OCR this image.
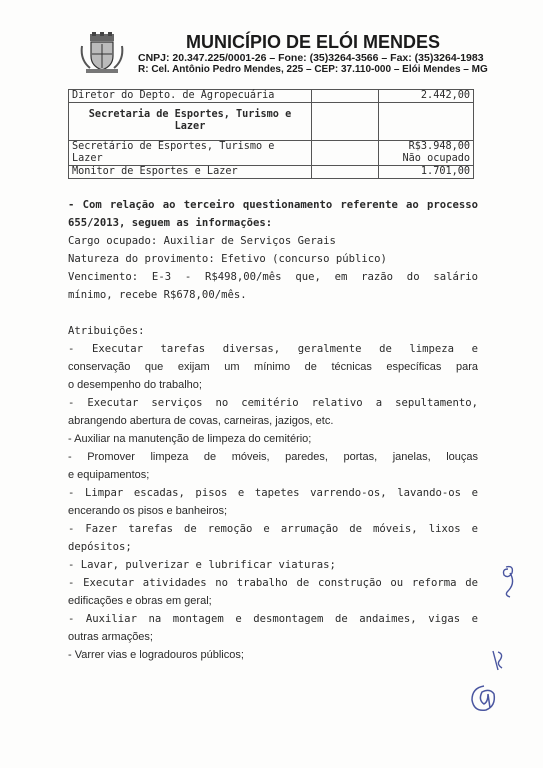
MUNICÍPIO DE ELÓI MENDES
CNPJ: 20.347.225/0001-26 – Fone: (35)3264-3566 – Fax: (35)3264-1983
R: Cel. Antônio Pedro Mendes, 225 – CEP: 37.110-000 – Elói Mendes – MG
Diretor do Depto. de Agropecuária		2.442,00
Secretaria de Esportes, Turismo e Lazer		
Secretário de Esportes, Turismo e Lazer		R$3.948,00
Não ocupado

Monitor de Esportes e Lazer		1.701,00

- Com relação ao terceiro questionamento referente ao processo

655/2013, seguem as informações:

Cargo ocupado: Auxiliar de Serviços Gerais

Natureza do provimento: Efetivo (concurso público)

Vencimento: E-3 - R$498,00/mês que, em razão do salário

mínimo, recebe R$678,00/mês.

Atribuições:

- Executar tarefas diversas, geralmente de limpeza e

conservação que exijam um mínimo de técnicas específicas para

o desempenho do trabalho;

- Executar serviços no cemitério relativo a sepultamento,

abrangendo abertura de covas, carneiras, jazigos, etc.

- Auxiliar na manutenção de limpeza do cemitério;

- Promover limpeza de móveis, paredes, portas, janelas, louças

e equipamentos;

- Limpar escadas, pisos e tapetes varrendo-os, lavando-os e

encerando os pisos e banheiros;

- Fazer tarefas de remoção e arrumação de móveis, lixos e

depósitos;

- Lavar, pulverizar e lubrificar viaturas;

- Executar atividades no trabalho de construção ou reforma de

edificações e obras em geral;

- Auxiliar na montagem e desmontagem de andaimes, vigas e

outras armações;

- Varrer vias e logradouros públicos;
